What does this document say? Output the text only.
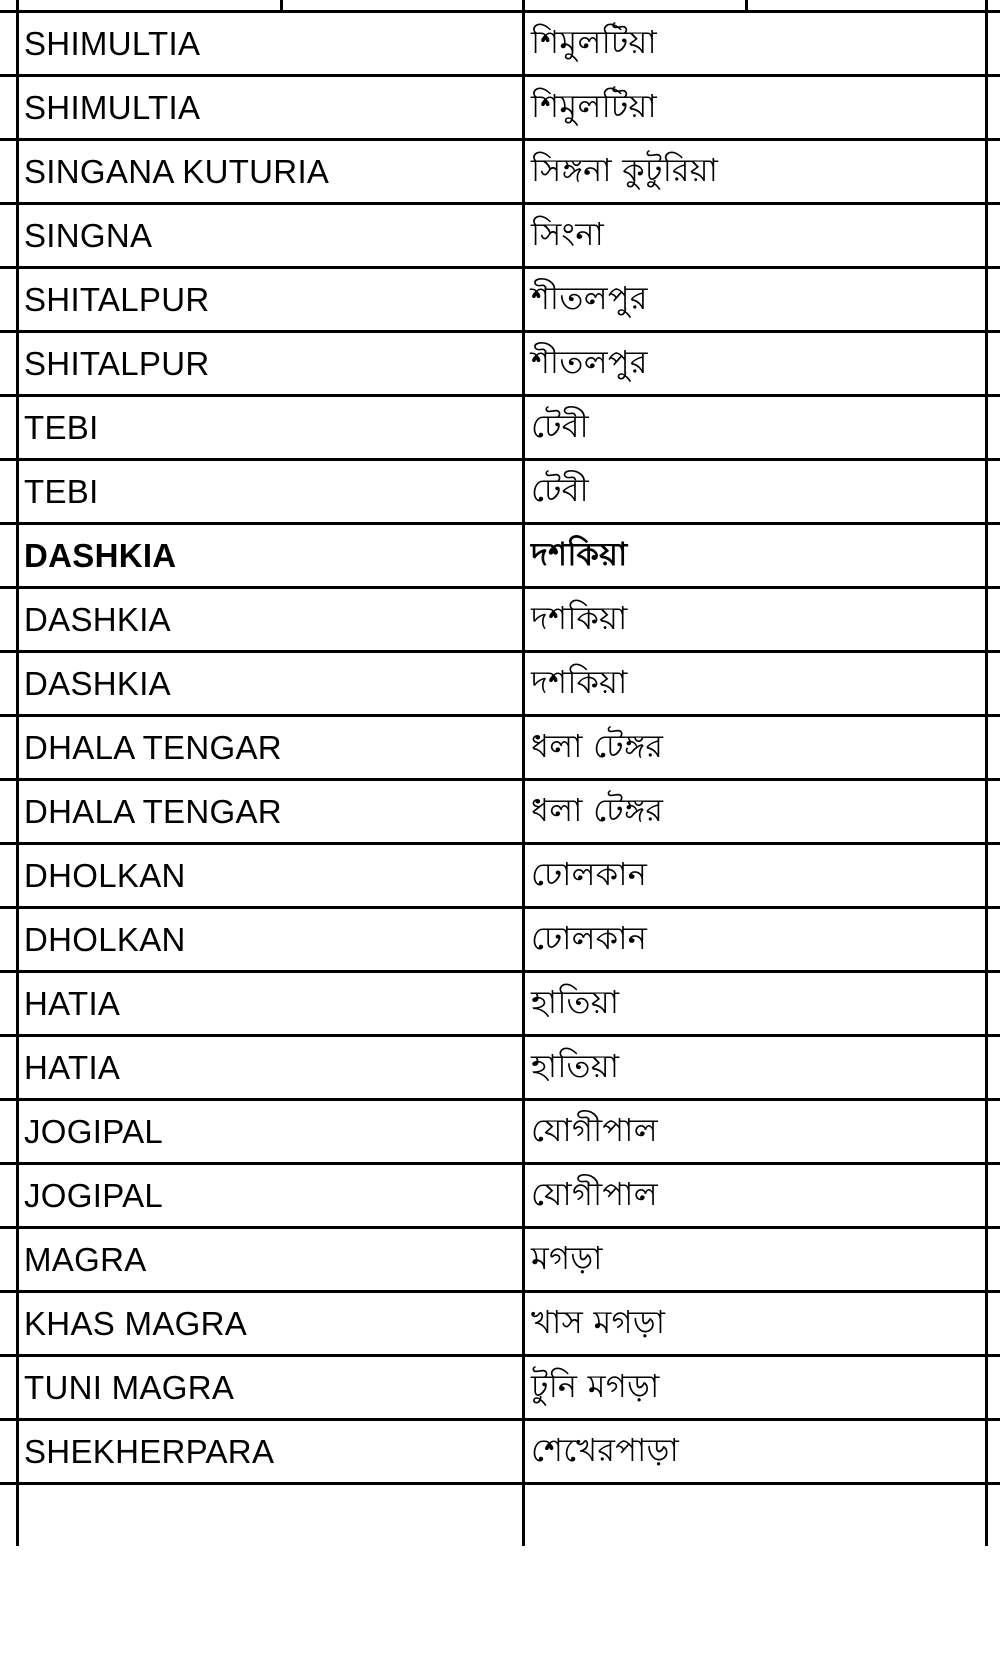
SHIMULTIA	শিমুলটিয়া
SHIMULTIA	শিমুলটিয়া
SINGANA KUTURIA	সিঙ্গনা কুটুরিয়া
SINGNA	সিংনা
SHITALPUR	শীতলপুর
SHITALPUR	শীতলপুর
TEBI	টেবী
TEBI	টেবী
DASHKIA	দশকিয়া
DASHKIA	দশকিয়া
DASHKIA	দশকিয়া
DHALA TENGAR	ধলা টেঙ্গর
DHALA TENGAR	ধলা টেঙ্গর
DHOLKAN	ঢোলকান
DHOLKAN	ঢোলকান
HATIA	হাতিয়া
HATIA	হাতিয়া
JOGIPAL	যোগীপাল
JOGIPAL	যোগীপাল
MAGRA	মগড়া
KHAS MAGRA	খাস মগড়া
TUNI MAGRA	টুনি মগড়া
SHEKHERPARA	শেখেরপাড়া
